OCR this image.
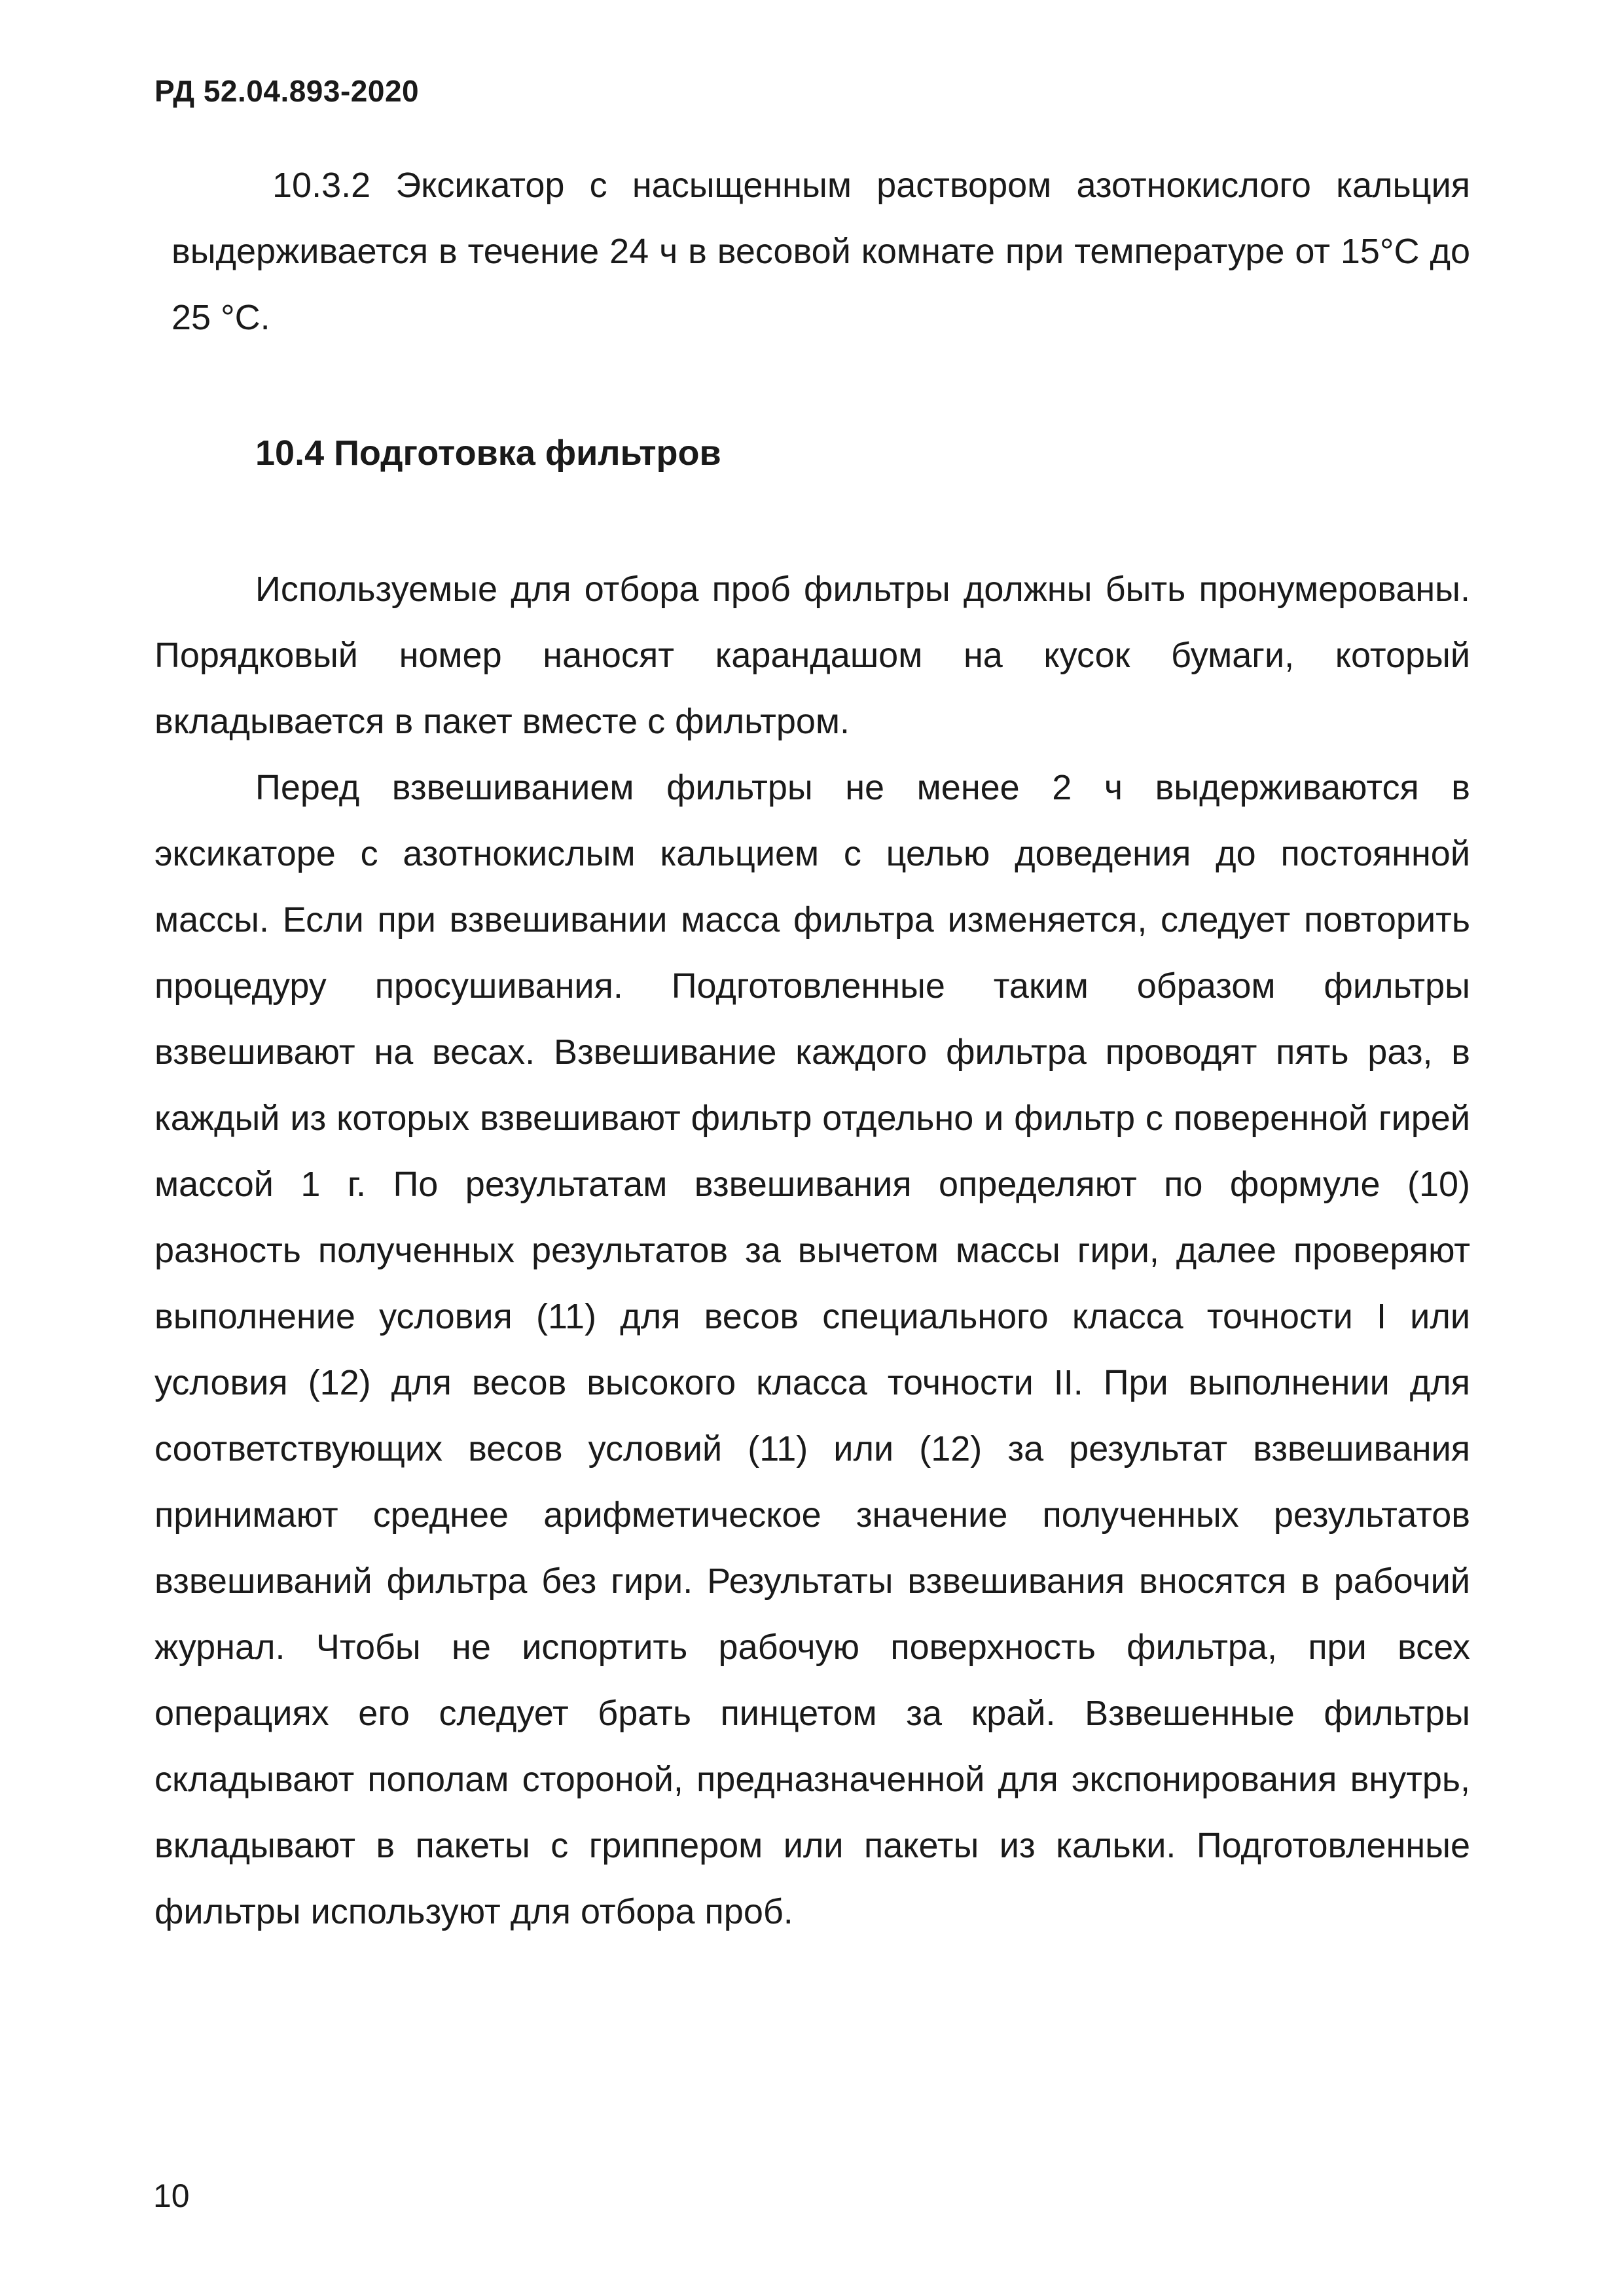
РД 52.04.893-2020

10.3.2 Эксикатор с насыщенным раствором азотнокислого кальция выдерживается в течение 24 ч в весовой комнате при температуре от 15°C до 25 °C.

10.4 Подготовка фильтров

Используемые для отбора проб фильтры должны быть пронумерованы. Порядковый номер наносят карандашом на кусок бумаги, который вкладывается в пакет вместе с фильтром.

Перед взвешиванием фильтры не менее 2 ч выдерживаются в эксикаторе с азотнокислым кальцием с целью доведения до постоянной массы. Если при взвешивании масса фильтра изменяется, следует повторить процедуру просушивания. Подготовленные таким образом фильтры взвешивают на весах. Взвешивание каждого фильтра проводят пять раз, в каждый из которых взвешивают фильтр отдельно и фильтр с поверенной гирей массой 1 г. По результатам взвешивания определяют по формуле (10) разность полученных результатов за вычетом массы гири, далее проверяют выполнение условия (11) для весов специального класса точности I или условия (12) для весов высокого класса точности II. При выполнении для соответствующих весов условий (11) или (12) за результат взвешивания принимают среднее арифметическое значение полученных результатов взвешиваний фильтра без гири. Результаты взвешивания вносятся в рабочий журнал. Чтобы не испортить рабочую поверхность фильтра, при всех операциях его следует брать пинцетом за край. Взвешенные фильтры складывают пополам стороной, предназначенной для экспонирования внутрь, вкладывают в пакеты с гриппером или пакеты из кальки. Подготовленные фильтры используют для отбора проб.

10
